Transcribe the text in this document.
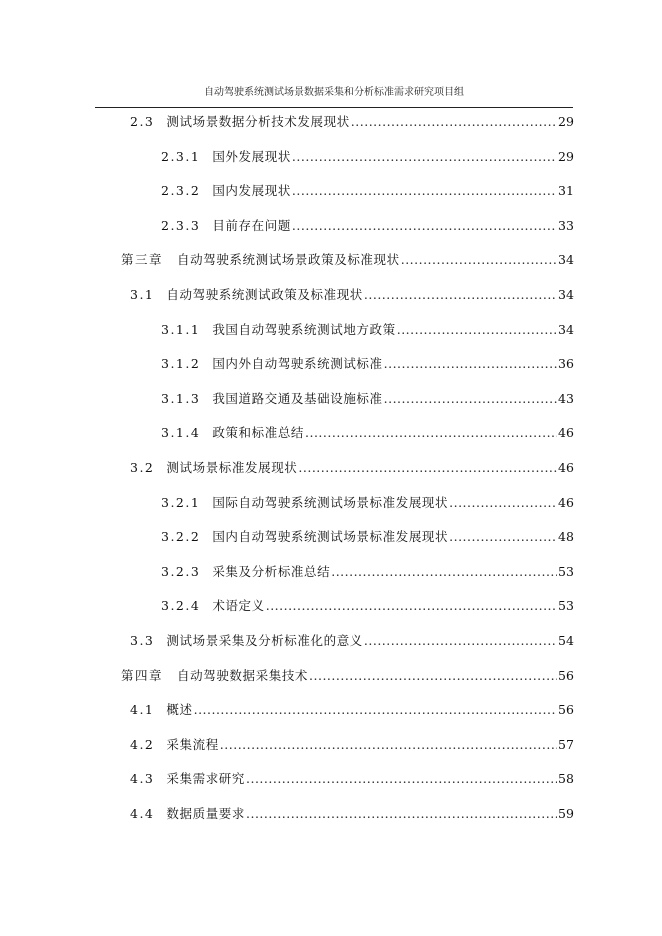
自动驾驶系统测试场景数据采集和分析标准需求研究项目组
2.3 测试场景数据分析技术发展现状 .....	29
2.3.1 国外发展现状 .....	29
2.3.2 国内发展现状 .....	31
2.3.3 目前存在问题 .....	33
第三章 自动驾驶系统测试场景政策及标准现状 .....	34
3.1 自动驾驶系统测试政策及标准现状 .....	34
3.1.1 我国自动驾驶系统测试地方政策 .....	34
3.1.2 国内外自动驾驶系统测试标准 .....	36
3.1.3 我国道路交通及基础设施标准 .....	43
3.1.4 政策和标准总结 .....	46
3.2 测试场景标准发展现状 .....	46
3.2.1 国际自动驾驶系统测试场景标准发展现状 .....	46
3.2.2 国内自动驾驶系统测试场景标准发展现状 .....	48
3.2.3 采集及分析标准总结 .....	53
3.2.4 术语定义 .....	53
3.3 测试场景采集及分析标准化的意义 .....	54
第四章 自动驾驶数据采集技术 .....	56
4.1 概述 .....	56
4.2 采集流程 .....	57
4.3 采集需求研究 .....	58
4.4 数据质量要求 .....	59
